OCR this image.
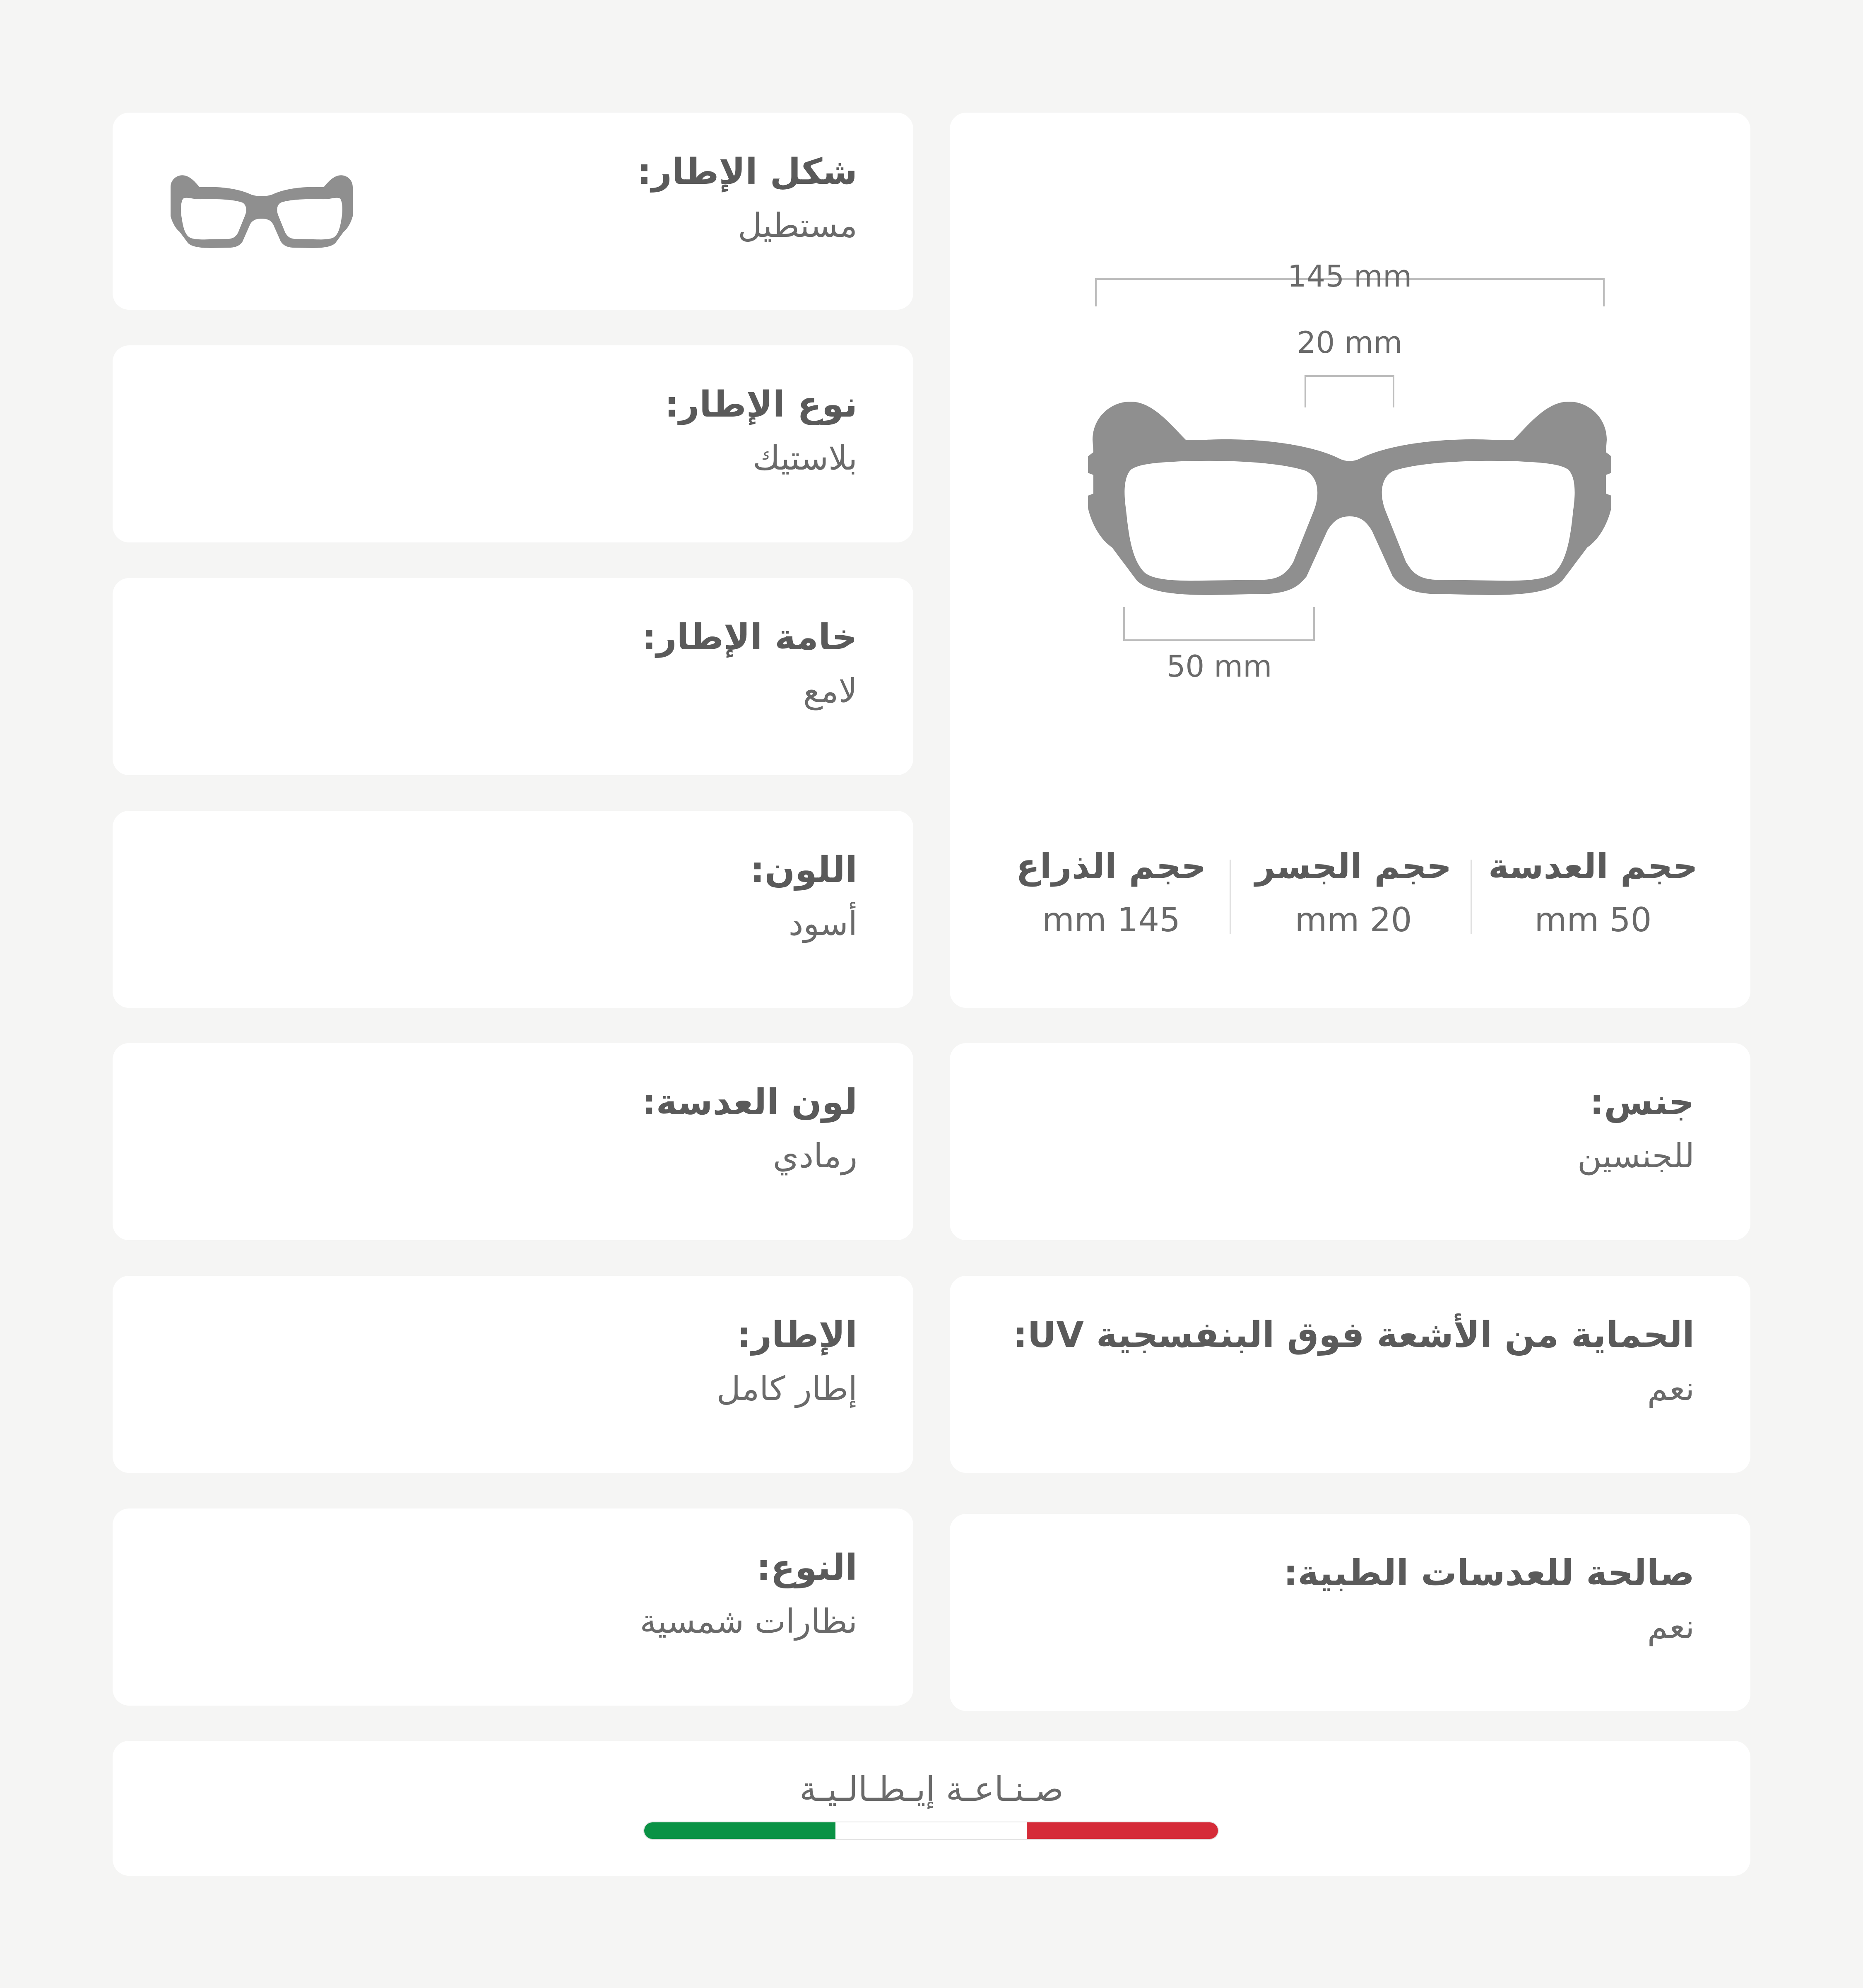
145 mm
20 mm
50 mm
حجم العدسة
50 mm
حجم الجسر
20 mm
حجم الذراع
145 mm
شكل الإطار:
مستطيل
نوع الإطار:
بلاستيك
خامة الإطار:
لامع
اللون:
أسود
لون العدسة:
رمادي
الإطار:
إطار كامل
النوع:
نظارات شمسية
جنس:
للجنسين
الحماية من الأشعة فوق البنفسجية UV:
نعم
صالحة للعدسات الطبية:
نعم
صـنـاعـة إيـطـالـيـة
